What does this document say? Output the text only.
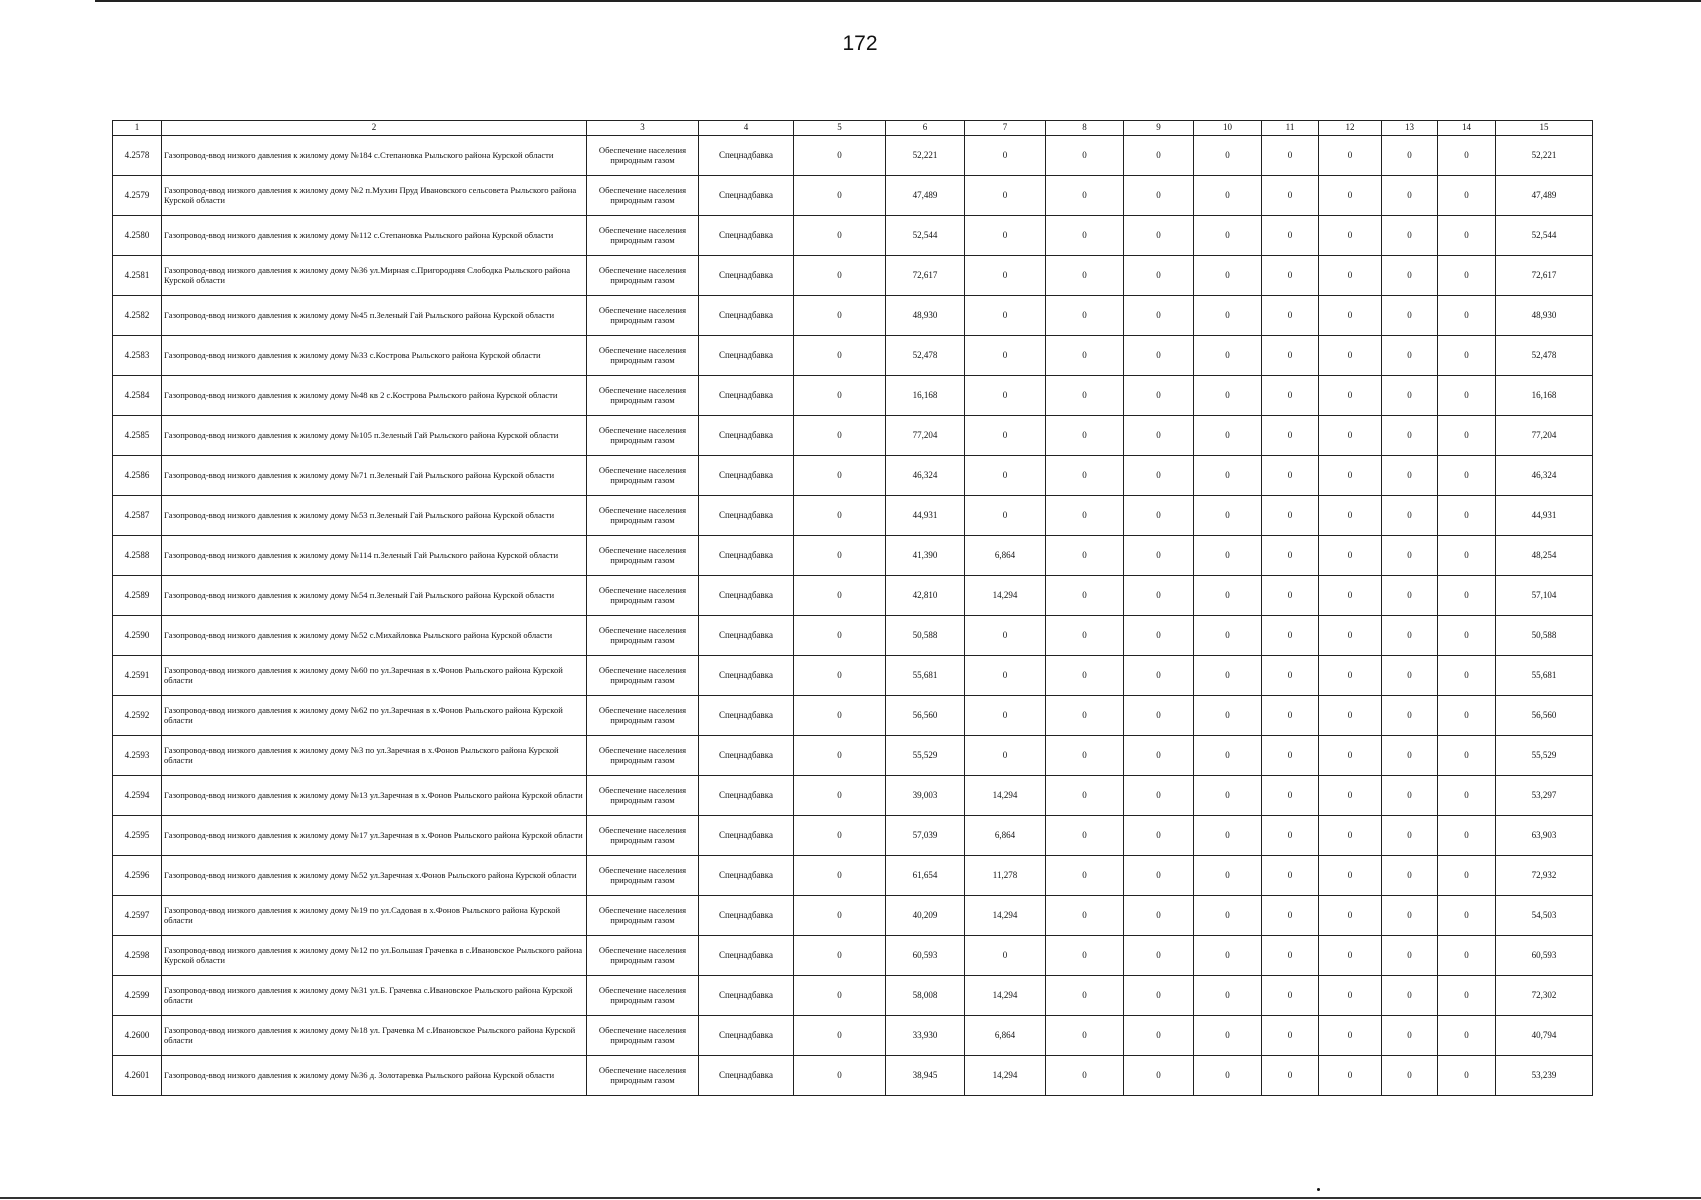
172
1	2	3	4	5	6	7	8	9	10	11	12	13	14	15
4.2578	Газопровод-ввод низкого давления к жилому дому №184 с.Степановка Рыльского района Курской области	Обеспечение населения природным газом	Спецнадбавка	0	52,221	0	0	0	0	0	0	0	0	52,221
4.2579	Газопровод-ввод низкого давления к жилому дому №2 п.Мухин Пруд Ивановского сельсовета Рыльского района Курской области	Обеспечение населения природным газом	Спецнадбавка	0	47,489	0	0	0	0	0	0	0	0	47,489
4.2580	Газопровод-ввод низкого давления к жилому дому №112 с.Степановка Рыльского района Курской области	Обеспечение населения природным газом	Спецнадбавка	0	52,544	0	0	0	0	0	0	0	0	52,544
4.2581	Газопровод-ввод низкого давления к жилому дому №36 ул.Мирная с.Пригородняя Слободка Рыльского района Курской области	Обеспечение населения природным газом	Спецнадбавка	0	72,617	0	0	0	0	0	0	0	0	72,617
4.2582	Газопровод-ввод низкого давления к жилому дому №45 п.Зеленый Гай Рыльского района Курской области	Обеспечение населения природным газом	Спецнадбавка	0	48,930	0	0	0	0	0	0	0	0	48,930
4.2583	Газопровод-ввод низкого давления к жилому дому №33 с.Кострова Рыльского района Курской области	Обеспечение населения природным газом	Спецнадбавка	0	52,478	0	0	0	0	0	0	0	0	52,478
4.2584	Газопровод-ввод низкого давления к жилому дому №48 кв 2 с.Кострова Рыльского района Курской области	Обеспечение населения природным газом	Спецнадбавка	0	16,168	0	0	0	0	0	0	0	0	16,168
4.2585	Газопровод-ввод низкого давления к жилому дому №105 п.Зеленый Гай Рыльского района Курской области	Обеспечение населения природным газом	Спецнадбавка	0	77,204	0	0	0	0	0	0	0	0	77,204
4.2586	Газопровод-ввод низкого давления к жилому дому №71 п.Зеленый Гай Рыльского района Курской области	Обеспечение населения природным газом	Спецнадбавка	0	46,324	0	0	0	0	0	0	0	0	46,324
4.2587	Газопровод-ввод низкого давления к жилому дому №53 п.Зеленый Гай Рыльского района Курской области	Обеспечение населения природным газом	Спецнадбавка	0	44,931	0	0	0	0	0	0	0	0	44,931
4.2588	Газопровод-ввод низкого давления к жилому дому №114 п.Зеленый Гай Рыльского района Курской области	Обеспечение населения природным газом	Спецнадбавка	0	41,390	6,864	0	0	0	0	0	0	0	48,254
4.2589	Газопровод-ввод низкого давления к жилому дому №54 п.Зеленый Гай Рыльского района Курской области	Обеспечение населения природным газом	Спецнадбавка	0	42,810	14,294	0	0	0	0	0	0	0	57,104
4.2590	Газопровод-ввод низкого давления к жилому дому №52 с.Михайловка Рыльского района Курской области	Обеспечение населения природным газом	Спецнадбавка	0	50,588	0	0	0	0	0	0	0	0	50,588
4.2591	Газопровод-ввод низкого давления к жилому дому №60 по ул.Заречная в х.Фонов Рыльского района Курской области	Обеспечение населения природным газом	Спецнадбавка	0	55,681	0	0	0	0	0	0	0	0	55,681
4.2592	Газопровод-ввод низкого давления к жилому дому №62 по ул.Заречная в х.Фонов Рыльского района Курской области	Обеспечение населения природным газом	Спецнадбавка	0	56,560	0	0	0	0	0	0	0	0	56,560
4.2593	Газопровод-ввод низкого давления к жилому дому №3 по ул.Заречная в х.Фонов Рыльского района Курской области	Обеспечение населения природным газом	Спецнадбавка	0	55,529	0	0	0	0	0	0	0	0	55,529
4.2594	Газопровод-ввод низкого давления к жилому дому №13 ул.Заречная в х.Фонов Рыльского района Курской области	Обеспечение населения природным газом	Спецнадбавка	0	39,003	14,294	0	0	0	0	0	0	0	53,297
4.2595	Газопровод-ввод низкого давления к жилому дому №17 ул.Заречная в х.Фонов Рыльского района Курской области	Обеспечение населения природным газом	Спецнадбавка	0	57,039	6,864	0	0	0	0	0	0	0	63,903
4.2596	Газопровод-ввод низкого давления к жилому дому №52 ул.Заречная х.Фонов Рыльского района Курской области	Обеспечение населения природным газом	Спецнадбавка	0	61,654	11,278	0	0	0	0	0	0	0	72,932
4.2597	Газопровод-ввод низкого давления к жилому дому №19 по ул.Садовая в х.Фонов Рыльского района Курской области	Обеспечение населения природным газом	Спецнадбавка	0	40,209	14,294	0	0	0	0	0	0	0	54,503
4.2598	Газопровод-ввод низкого давления к жилому дому №12 по ул.Большая Грачевка в с.Ивановское Рыльского района Курской области	Обеспечение населения природным газом	Спецнадбавка	0	60,593	0	0	0	0	0	0	0	0	60,593
4.2599	Газопровод-ввод низкого давления к жилому дому №31 ул.Б. Грачевка с.Ивановское Рыльского района Курской области	Обеспечение населения природным газом	Спецнадбавка	0	58,008	14,294	0	0	0	0	0	0	0	72,302
4.2600	Газопровод-ввод низкого давления к жилому дому №18 ул. Грачевка М с.Ивановское Рыльского района Курской области	Обеспечение населения природным газом	Спецнадбавка	0	33,930	6,864	0	0	0	0	0	0	0	40,794
4.2601	Газопровод-ввод низкого давления к жилому дому №36 д. Золотаревка Рыльского района Курской области	Обеспечение населения природным газом	Спецнадбавка	0	38,945	14,294	0	0	0	0	0	0	0	53,239
